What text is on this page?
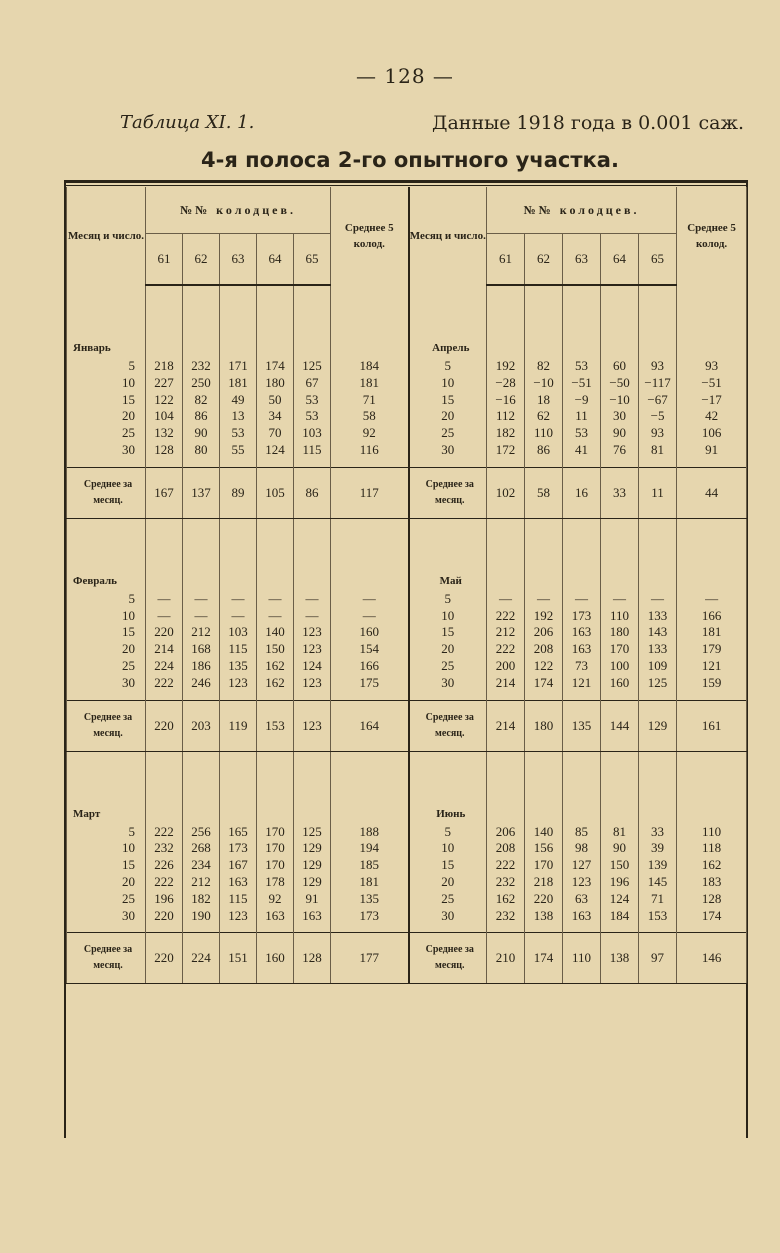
— 128 —
Таблица XI. 1.	Данные 1918 года в 0.001 саж.
4-я полоса 2-го опытного участка.
Месяц и число.	№№ колодцев.					Среднее 5 колод.	Месяц и число.	№№ колодцев.					Среднее 5 колод.
	61	62	63	64	65			61	62	63	64	65	
Январь							Апрель						
5	218	232	171	174	125	184	5	192	82	53	60	93	93
10	227	250	181	180	67	181	10	−28	−10	−51	−50	−117	−51
15	122	82	49	50	53	71	15	−16	18	−9	−10	−67	−17
20	104	86	13	34	53	58	20	112	62	11	30	−5	42
25	132	90	53	70	103	92	25	182	110	53	90	93	106
30	128	80	55	124	115	116	30	172	86	41	76	81	91

Среднее за месяц.	167	137	89	105	86	117	Среднее за месяц.	102	58	16	33	11	44
Февраль							Май						
5	—	—	—	—	—	—	5	—	—	—	—	—	—
10	—	—	—	—	—	—	10	222	192	173	110	133	166
15	220	212	103	140	123	160	15	212	206	163	180	143	181
20	214	168	115	150	123	154	20	222	208	163	170	133	179
25	224	186	135	162	124	166	25	200	122	73	100	109	121
30	222	246	123	162	123	175	30	214	174	121	160	125	159

Среднее за месяц.	220	203	119	153	123	164	Среднее за месяц.	214	180	135	144	129	161
Март							Июнь						
5	222	256	165	170	125	188	5	206	140	85	81	33	110
10	232	268	173	170	129	194	10	208	156	98	90	39	118
15	226	234	167	170	129	185	15	222	170	127	150	139	162
20	222	212	163	178	129	181	20	232	218	123	196	145	183
25	196	182	115	92	91	135	25	162	220	63	124	71	128
30	220	190	123	163	163	173	30	232	138	163	184	153	174

Среднее за месяц.	220	224	151	160	128	177	Среднее за месяц.	210	174	110	138	97	146
